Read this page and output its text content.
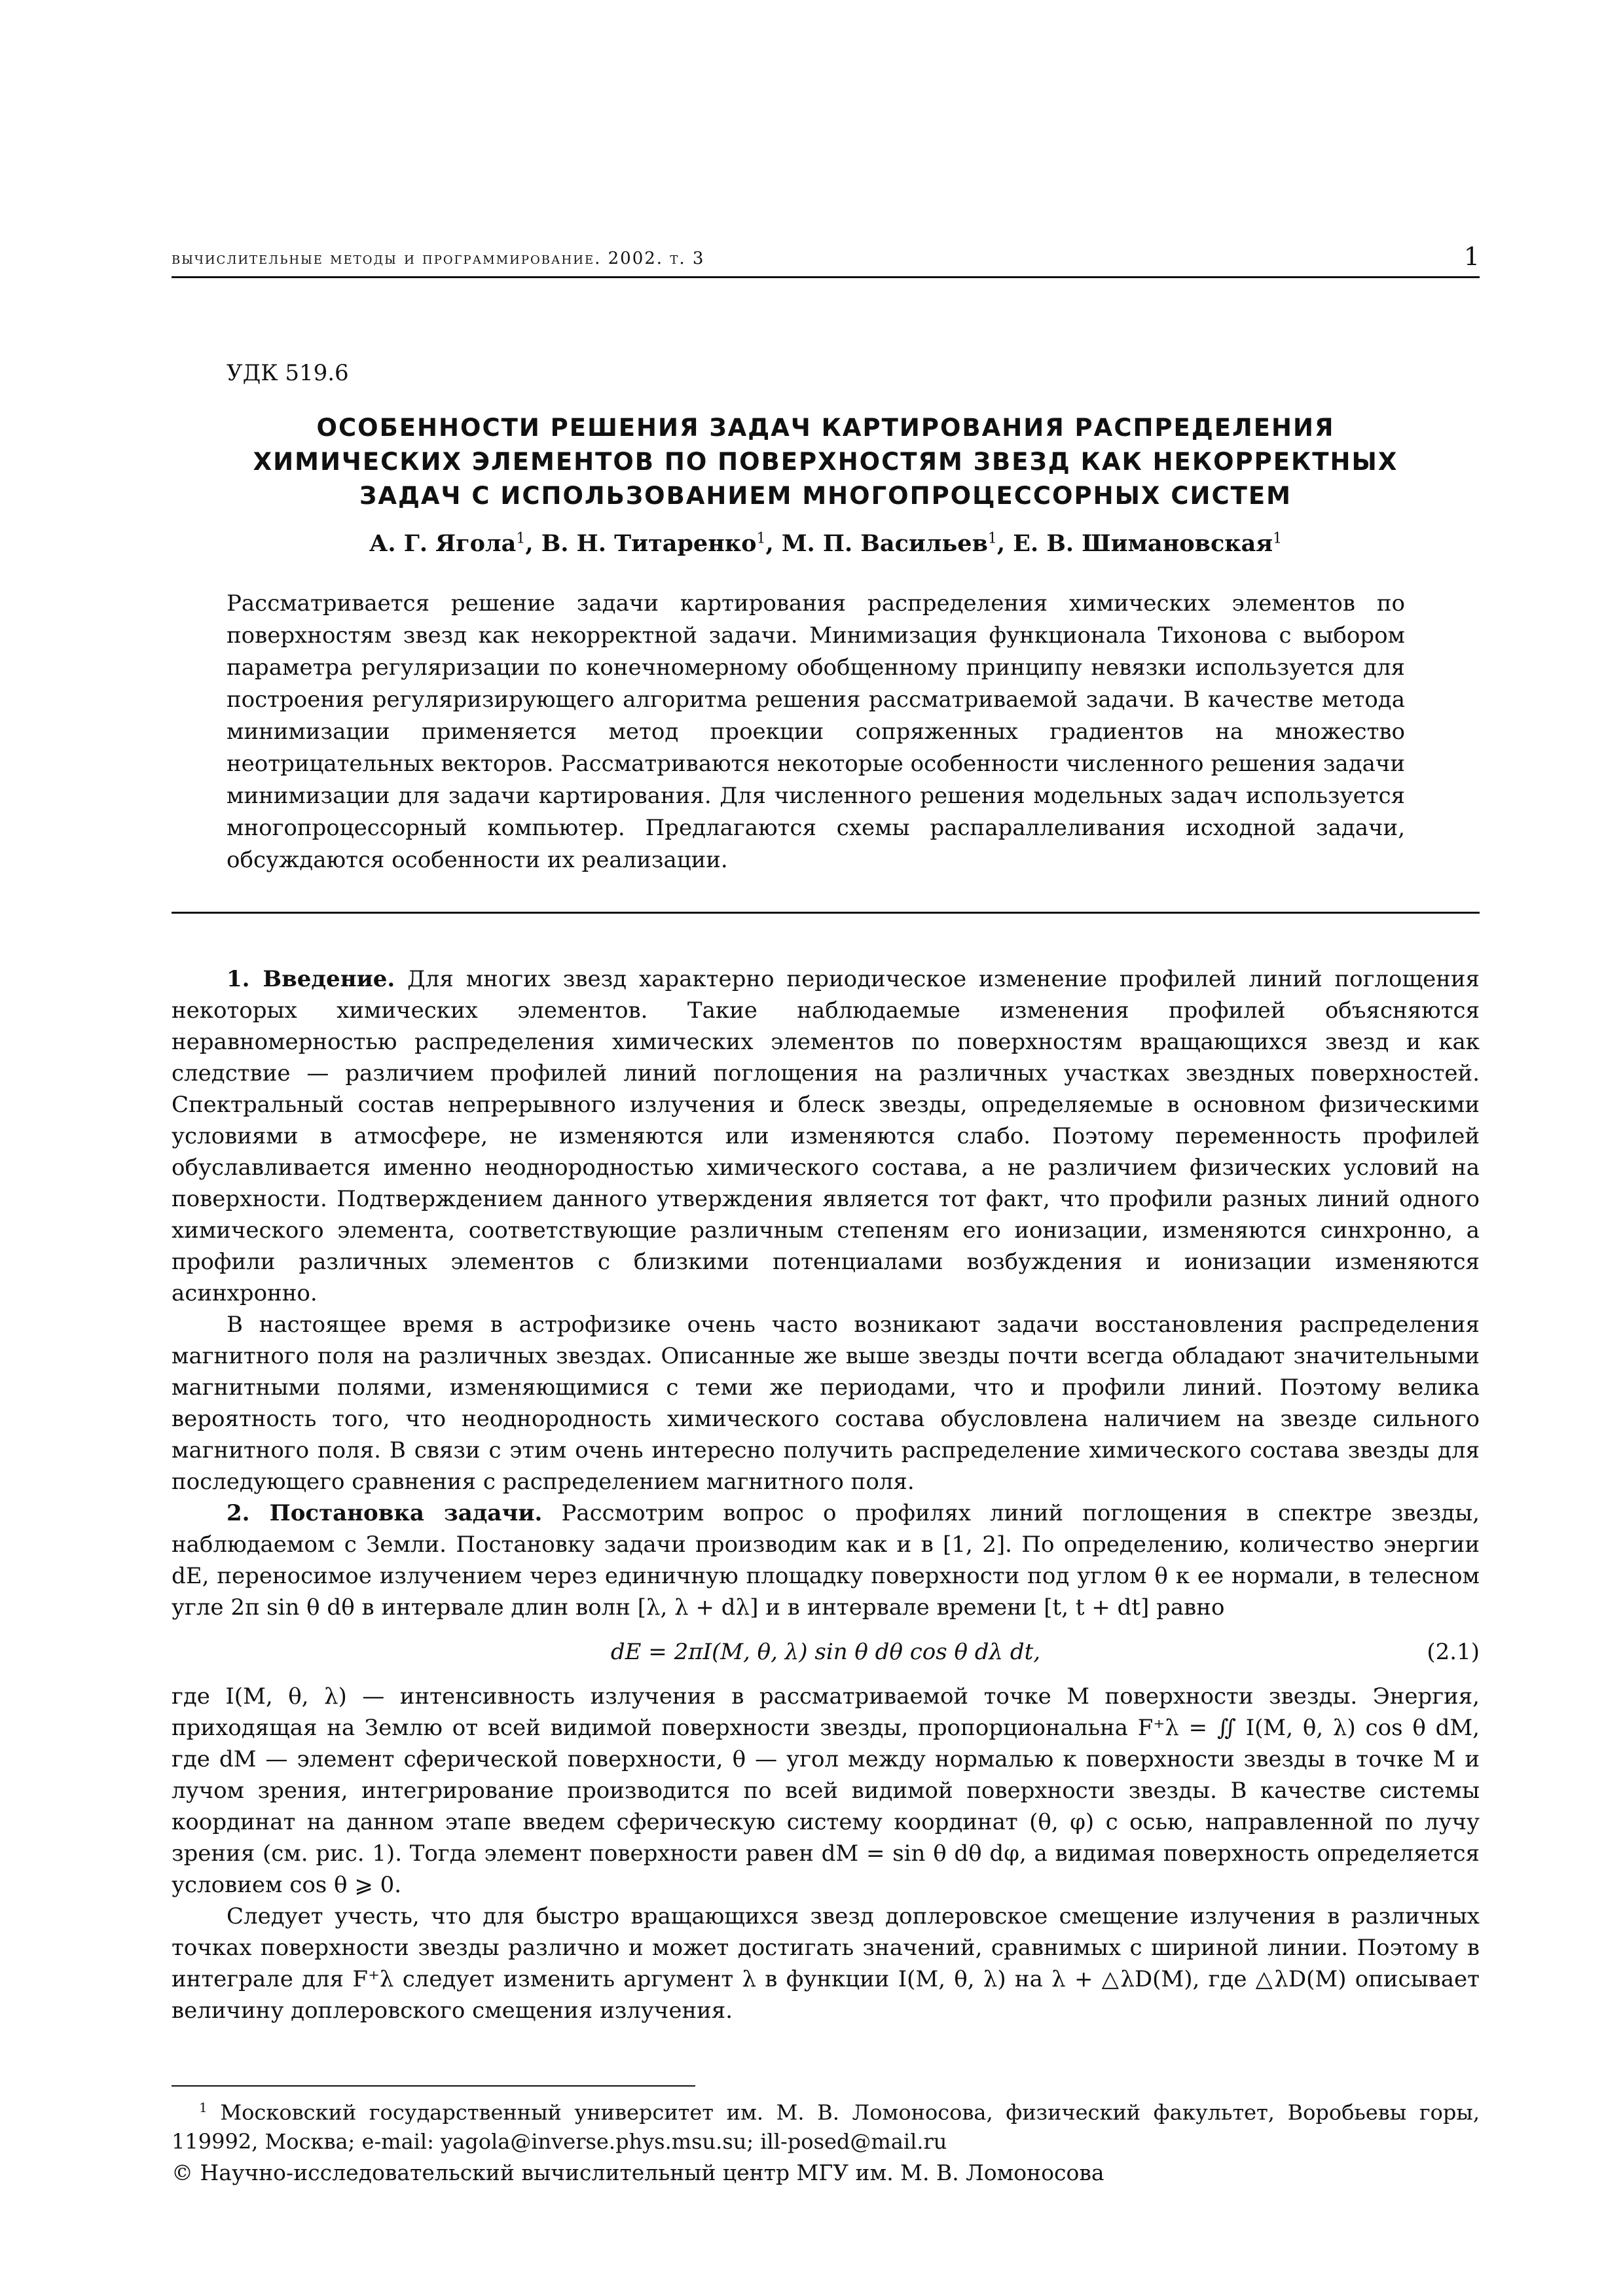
вычислительные методы и программирование. 2002. т. 3	1
УДК 519.6
ОСОБЕННОСТИ РЕШЕНИЯ ЗАДАЧ КАРТИРОВАНИЯ РАСПРЕДЕЛЕНИЯ
ХИМИЧЕСКИХ ЭЛЕМЕНТОВ ПО ПОВЕРХНОСТЯМ ЗВЕЗД КАК НЕКОРРЕКТНЫХ
ЗАДАЧ С ИСПОЛЬЗОВАНИЕМ МНОГОПРОЦЕССОРНЫХ СИСТЕМ
А. Г. Ягола$^1$, В. Н. Титаренко$^1$, М. П. Васильев$^1$, Е. В. Шимановская$^1$

Рассматривается решение задачи картирования распределения химических элементов по поверхностям звезд как некорректной задачи. Минимизация функционала Тихонова с выбором параметра регуляризации по конечномерному обобщенному принципу невязки используется для построения регуляризирующего алгоритма решения рассматриваемой задачи. В качестве метода минимизации применяется метод проекции сопряженных градиентов на множество неотрицательных векторов. Рассматриваются некоторые особенности численного решения задачи минимизации для задачи картирования. Для численного решения модельных задач используется многопроцессорный компьютер. Предлагаются схемы распараллеливания исходной задачи, обсуждаются особенности их реализации.

1. Введение. Для многих звезд характерно периодическое изменение профилей линий поглощения некоторых химических элементов. Такие наблюдаемые изменения профилей объясняются неравномерностью распределения химических элементов по поверхностям вращающихся звезд и как следствие — различием профилей линий поглощения на различных участках звездных поверхностей. Спектральный состав непрерывного излучения и блеск звезды, определяемые в основном физическими условиями в атмосфере, не изменяются или изменяются слабо. Поэтому переменность профилей обуславливается именно неоднородностью химического состава, а не различием физических условий на поверхности. Подтверждением данного утверждения является тот факт, что профили разных линий одного химического элемента, соответствующие различным степеням его ионизации, изменяются синхронно, а профили различных элементов с близкими потенциалами возбуждения и ионизации изменяются асинхронно.

В настоящее время в астрофизике очень часто возникают задачи восстановления распределения магнитного поля на различных звездах. Описанные же выше звезды почти всегда обладают значительными магнитными полями, изменяющимися с теми же периодами, что и профили линий. Поэтому велика вероятность того, что неоднородность химического состава обусловлена наличием на звезде сильного магнитного поля. В связи с этим очень интересно получить распределение химического состава звезды для последующего сравнения с распределением магнитного поля.

2. Постановка задачи. Рассмотрим вопрос о профилях линий поглощения в спектре звезды, наблюдаемом с Земли. Постановку задачи производим как и в [1, 2]. По определению, количество энергии dE, переносимое излучением через единичную площадку поверхности под углом θ к ее нормали, в телесном угле 2π sin θ dθ в интервале длин волн [λ, λ + dλ] и в интервале времени [t, t + dt] равно

dE = 2πI(M, θ, λ) sin θ dθ cos θ dλ dt,	(2.1)

где I(M, θ, λ) — интенсивность излучения в рассматриваемой точке M поверхности звезды. Энергия, приходящая на Землю от всей видимой поверхности звезды, пропорциональна F⁺λ = ∬ I(M, θ, λ) cos θ dM, где dM — элемент сферической поверхности, θ — угол между нормалью к поверхности звезды в точке M и лучом зрения, интегрирование производится по всей видимой поверхности звезды. В качестве системы координат на данном этапе введем сферическую систему координат (θ, φ) с осью, направленной по лучу зрения (см. рис. 1). Тогда элемент поверхности равен dM = sin θ dθ dφ, а видимая поверхность определяется условием cos θ ⩾ 0.

Следует учесть, что для быстро вращающихся звезд доплеровское смещение излучения в различных точках поверхности звезды различно и может достигать значений, сравнимых с шириной линии. Поэтому в интеграле для F⁺λ следует изменить аргумент λ в функции I(M, θ, λ) на λ + △λD(M), где △λD(M) описывает величину доплеровского смещения излучения.

$^1$ Московский государственный университет им. М. В. Ломоносова, физический факультет, Воробьевы горы, 119992, Москва; e-mail: yagola@inverse.phys.msu.su; ill-posed@mail.ru

© Научно-исследовательский вычислительный центр МГУ им. М. В. Ломоносова
